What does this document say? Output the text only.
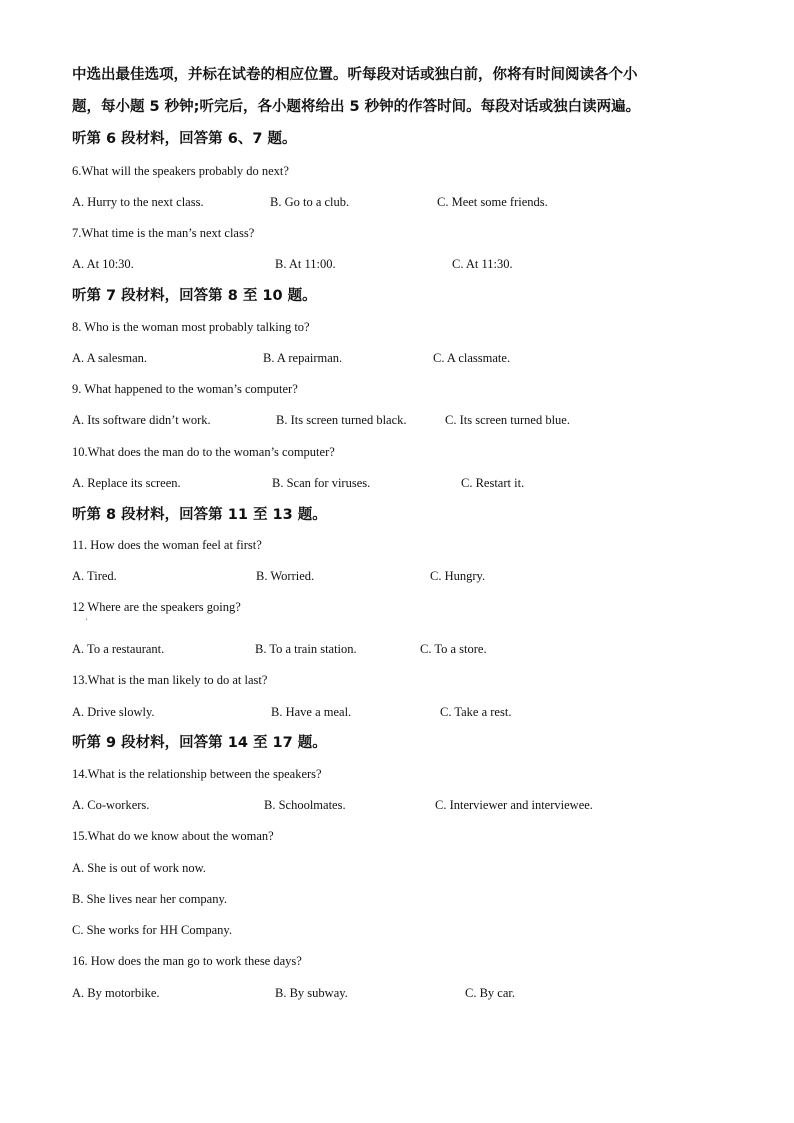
中选出最佳选项，并标在试卷的相应位置。听每段对话或独白前，你将有时间阅读各个小
题，每小题 5 秒钟;听完后，各小题将给出 5 秒钟的作答时间。每段对话或独白读两遍。
听第 6 段材料，回答第 6、7 题。
6.What will the speakers probably do next?
A. Hurry to the next class.	B. Go to a club.	C. Meet some friends.
7.What time is the man’s next class?
A. At 10:30.	B. At 11:00.	C. At 11:30.
听第 7 段材料，回答第 8 至 10 题。
8. Who is the woman most probably talking to?
A. A salesman.	B. A repairman.	C. A classmate.
9. What happened to the woman’s computer?
A. Its software didn’t work.	B. Its screen turned black.	C. Its screen turned blue.
10.What does the man do to the woman’s computer?
A. Replace its screen.	B. Scan for viruses.	C. Restart it.
听第 8 段材料，回答第 11 至 13 题。
11. How does the woman feel at first?
A. Tired.	B. Worried.	C. Hungry.
12 Where are the speakers going?
'
A. To a restaurant.	B. To a train station.	C. To a store.
13.What is the man likely to do at last?
A. Drive slowly.	B. Have a meal.	C. Take a rest.
听第 9 段材料，回答第 14 至 17 题。
14.What is the relationship between the speakers?
A. Co-workers.	B. Schoolmates.	C. Interviewer and interviewee.
15.What do we know about the woman?
A. She is out of work now.
B. She lives near her company.
C. She works for HH Company.
16. How does the man go to work these days?
A. By motorbike.	B. By subway.	C. By car.
